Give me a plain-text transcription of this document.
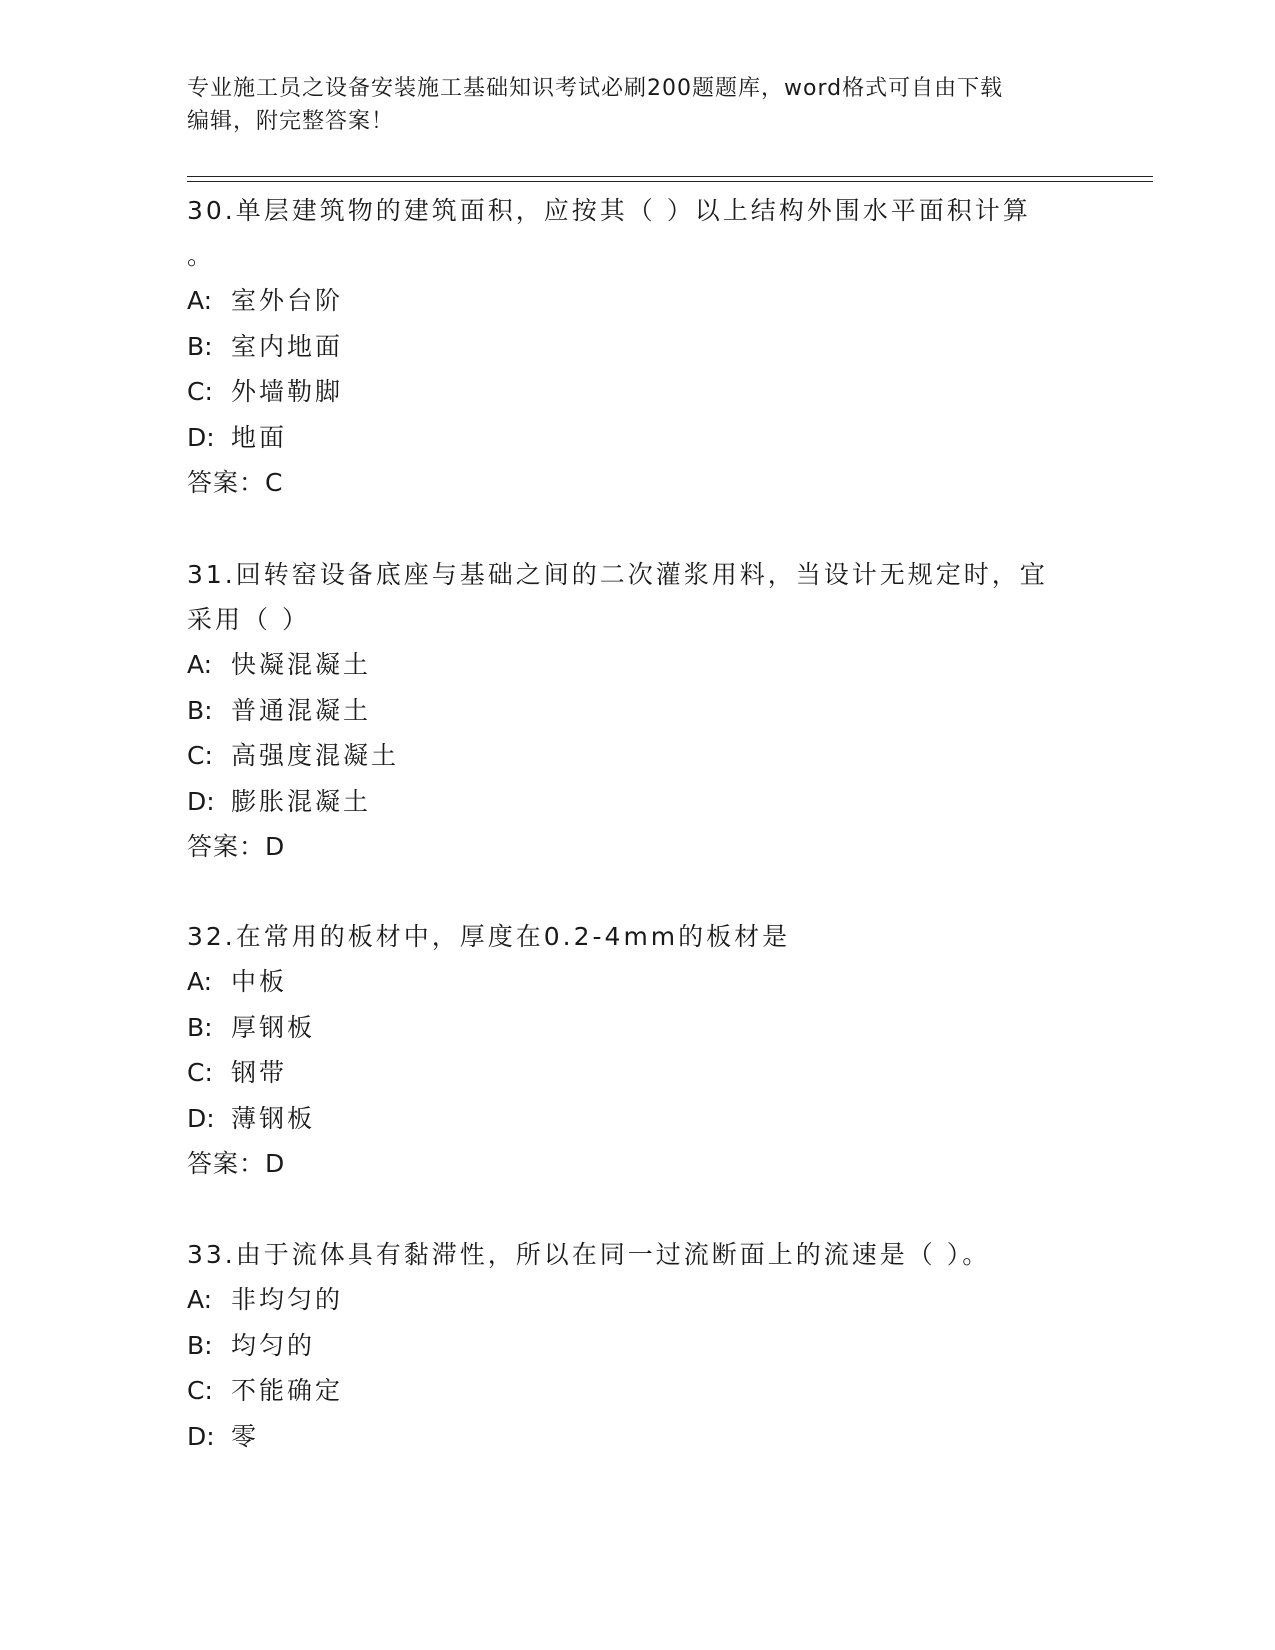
专业施工员之设备安装施工基础知识考试必刷200题题库，word格式可自由下载
编辑，附完整答案！

30.单层建筑物的建筑面积，应按其（ ）以上结构外围水平面积计算

。

A: 室外台阶

B: 室内地面

C: 外墙勒脚

D: 地面

答案：C

31.回转窑设备底座与基础之间的二次灌浆用料，当设计无规定时，宜

采用（ ）

A: 快凝混凝土

B: 普通混凝土

C: 高强度混凝土

D: 膨胀混凝土

答案：D

32.在常用的板材中，厚度在0.2-4mm的板材是

A: 中板

B: 厚钢板

C: 钢带

D: 薄钢板

答案：D

33.由于流体具有黏滞性，所以在同一过流断面上的流速是（ ）。

A: 非均匀的

B: 均匀的

C: 不能确定

D: 零
